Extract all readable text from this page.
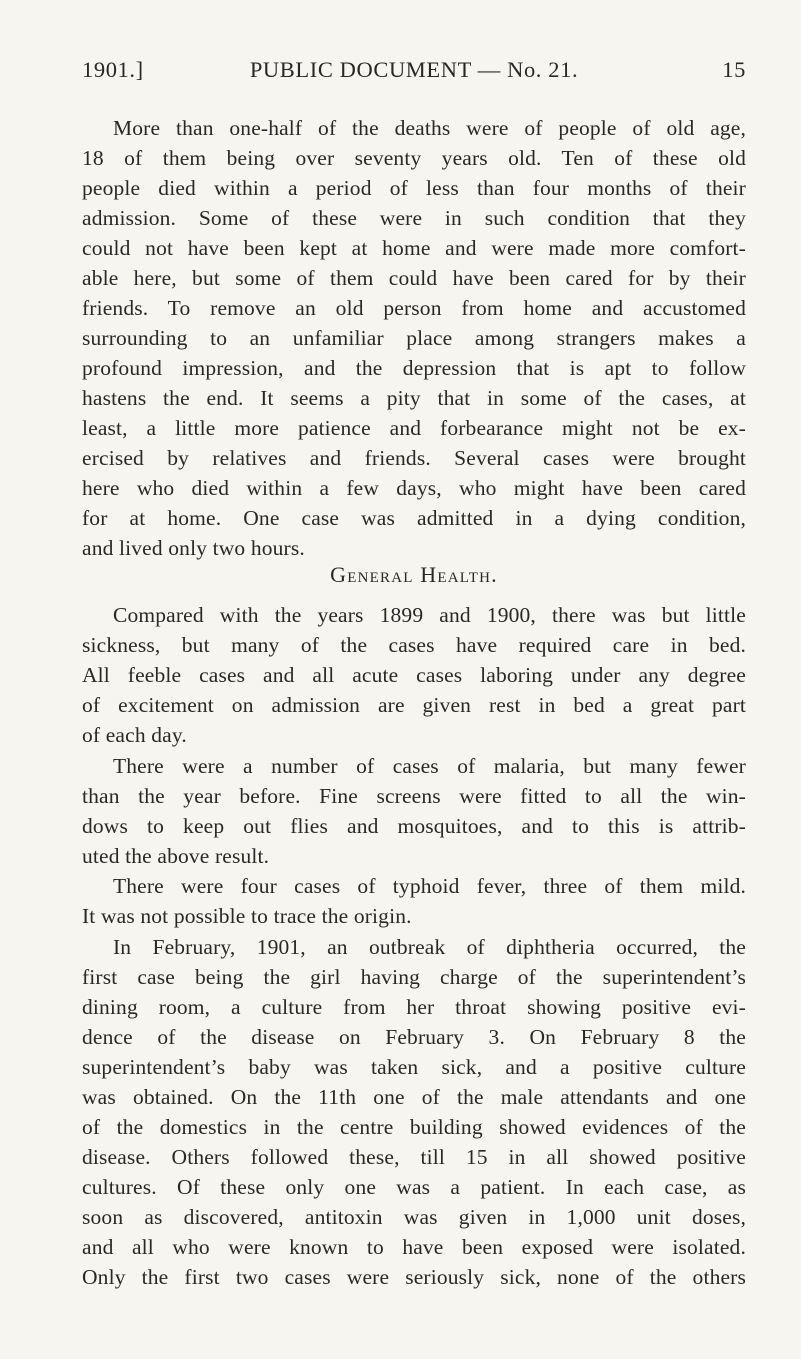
1901.]	PUBLIC DOCUMENT — No. 21.	15
More than one-half of the deaths were of people of old age,
18 of them being over seventy years old. Ten of these old
people died within a period of less than four months of their
admission. Some of these were in such condition that they
could not have been kept at home and were made more comfort-
able here, but some of them could have been cared for by their
friends. To remove an old person from home and accustomed
surrounding to an unfamiliar place among strangers makes a
profound impression, and the depression that is apt to follow
hastens the end. It seems a pity that in some of the cases, at
least, a little more patience and forbearance might not be ex-
ercised by relatives and friends. Several cases were brought
here who died within a few days, who might have been cared
for at home. One case was admitted in a dying condition,
and lived only two hours.
General Health.
Compared with the years 1899 and 1900, there was but little
sickness, but many of the cases have required care in bed.
All feeble cases and all acute cases laboring under any degree
of excitement on admission are given rest in bed a great part
of each day.
There were a number of cases of malaria, but many fewer
than the year before. Fine screens were fitted to all the win-
dows to keep out flies and mosquitoes, and to this is attrib-
uted the above result.
There were four cases of typhoid fever, three of them mild.
It was not possible to trace the origin.
In February, 1901, an outbreak of diphtheria occurred, the
first case being the girl having charge of the superintendent’s
dining room, a culture from her throat showing positive evi-
dence of the disease on February 3. On February 8 the
superintendent’s baby was taken sick, and a positive culture
was obtained. On the 11th one of the male attendants and one
of the domestics in the centre building showed evidences of the
disease. Others followed these, till 15 in all showed positive
cultures. Of these only one was a patient. In each case, as
soon as discovered, antitoxin was given in 1,000 unit doses,
and all who were known to have been exposed were isolated.
Only the first two cases were seriously sick, none of the others
